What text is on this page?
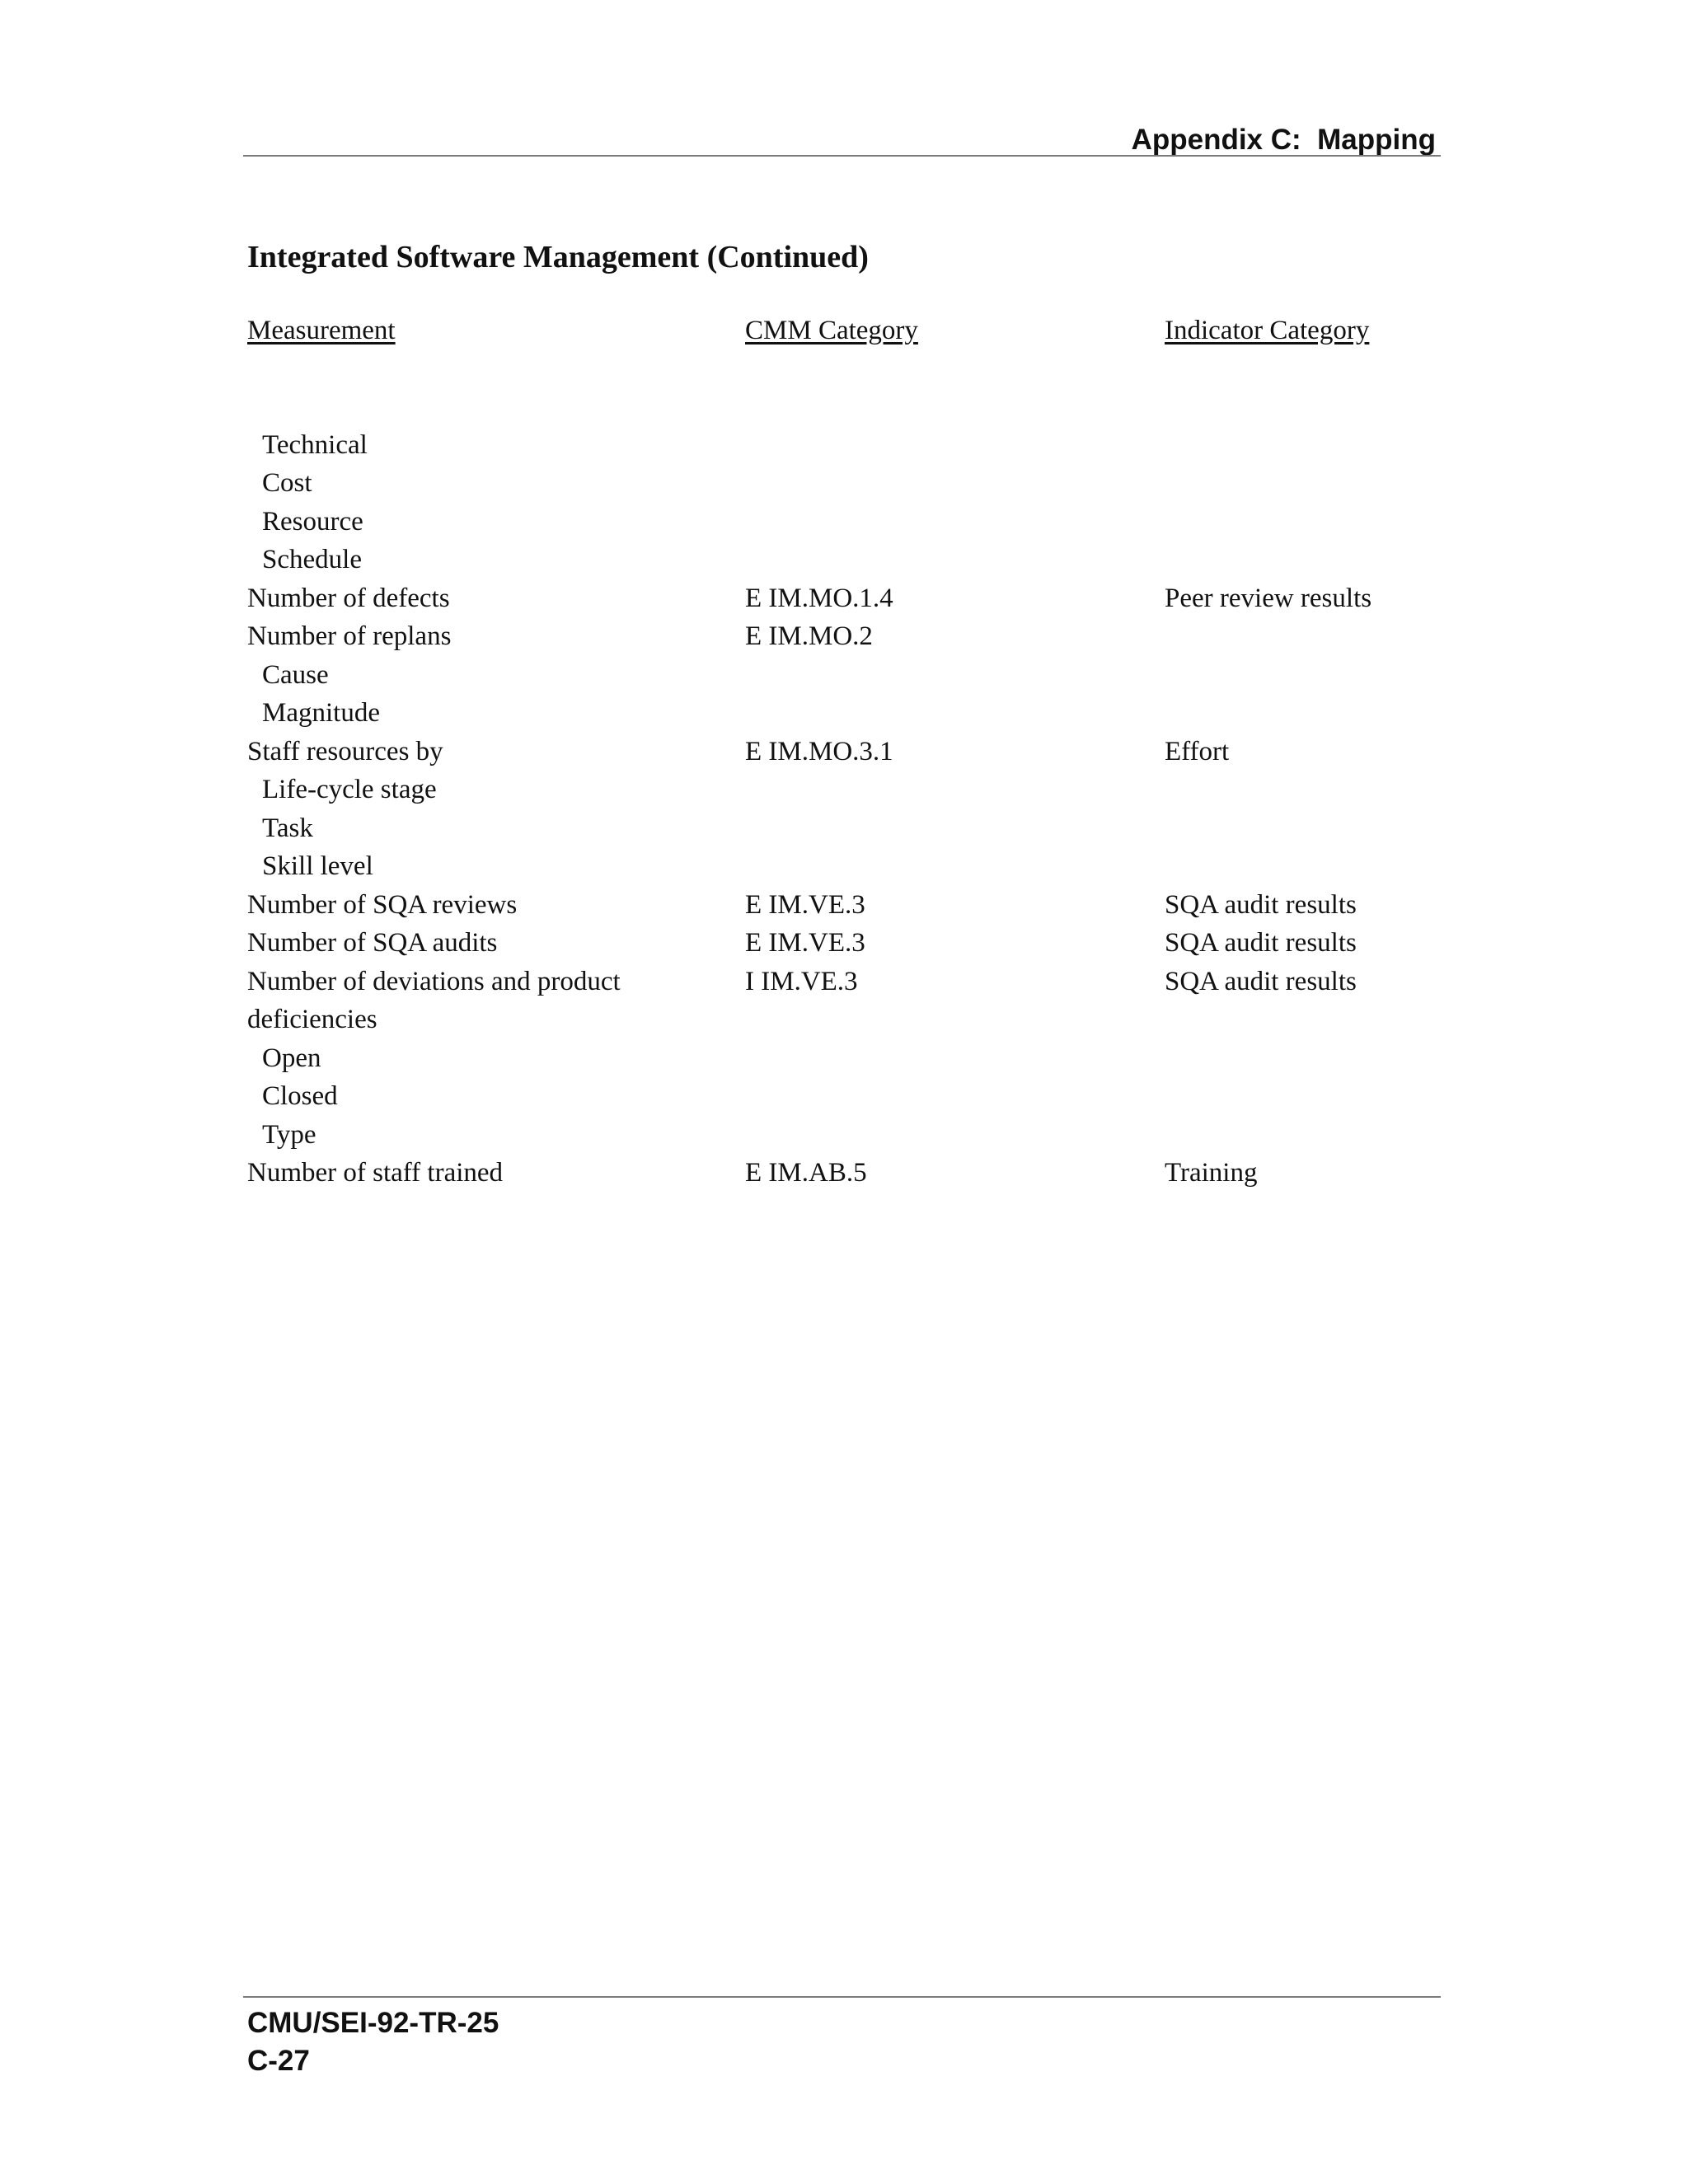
Appendix C:  Mapping
Integrated Software Management (Continued)
Measurement	CMM Category	Indicator Category
Technical
Cost
Resource
Schedule
Number of defects	E IM.MO.1.4	Peer review results
Number of replans	E IM.MO.2
Cause
Magnitude
Staff resources by	E IM.MO.3.1	Effort
Life-cycle stage
Task
Skill level
Number of SQA reviews	E IM.VE.3	SQA audit results
Number of SQA audits	E IM.VE.3	SQA audit results
Number of deviations and product	I IM.VE.3	SQA audit results
deficiencies
Open
Closed
Type
Number of staff trained	E IM.AB.5	Training
CMU/SEI-92-TR-25
C-27
